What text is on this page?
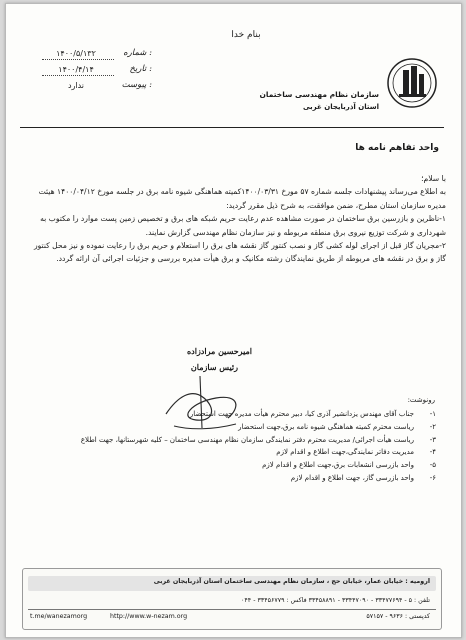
بنام خدا
شماره :
۱۴۰۰/۵/۱۳۲
تاریخ :
۱۴۰۰/۴/۱۴
پیوست :
ندارد
سازمان نظام مهندسی ساختمان
استان آذربایجان غربی
واحد تفاهم نامه ها

با سلام؛

به اطلاع می‌رساند پیشنهادات جلسه شماره ۵۷ مورخ ۱۴۰۰/۰۳/۳۱کمیته هماهنگی شیوه نامه برق در جلسه مورخ ۱۴۰۰/۰۴/۱۲ هیئت مدیره سازمان استان مطرح، ضمن موافقت، به شرح ذیل مقرر گردید:

۱-ناظرین و بازرسین برق ساختمان در صورت مشاهده عدم رعایت حریم شبکه های برق و تخصیص زمین پست موارد را مکتوب به شهرداری و شرکت توزیع نیروی برق منطقه مربوطه و نیز سازمان نظام مهندسی گزارش نمایند.

۲-مجریان گاز قبل از اجرای لوله کشی گاز و نصب کنتور گاز نقشه های برق را استعلام و حریم برق را رعایت نموده و نیز محل کنتور گاز و برق در نقشه های مربوطه از طریق نمایندگان رشته مکانیک و برق هیأت مدیره بررسی و جزئیات اجرائی آن ارائه گردد.

امیرحسین مرادزاده
رئیس سازمان
رونوشت:
۱-جناب آقای مهندس یزدانشیر آذری کیا، دبیر محترم هیأت مدیره جهت استحضار
۲-ریاست محترم کمیته هماهنگی شیوه نامه برق،جهت استحضار
۳-ریاست هیأت اجرائی/ مدیریت محترم دفتر نمایندگی سازمان نظام مهندسی ساختمان – کلیه شهرستانها، جهت اطلاع
۴-مدیریت دفاتر نمایندگی،جهت اطلاع و اقدام لازم
۵-واحد بازرسی انشعابات برق،جهت اطلاع و اقدام لازم
۶-واحد بازرسی گاز، جهت اطلاع و اقدام لازم
ارومیه : خیابان عمار، خیابان حج ، سازمان نظام مهندسی ساختمان استان آذربایجان غربی
تلفن : ۵ - ۳۳۴۷۷۶۹۴ - ۳۳۴۴۷۰۹۰ - ۳۳۴۵۸۸۹۱ فاکس : ۳۳۴۵۶۷۷۹ - ۰۴۴
کدپستی : ۹۶۳۶ - ۵۷۱۵۷
http://www.w-nezam.org
t.me/wanezamorg
